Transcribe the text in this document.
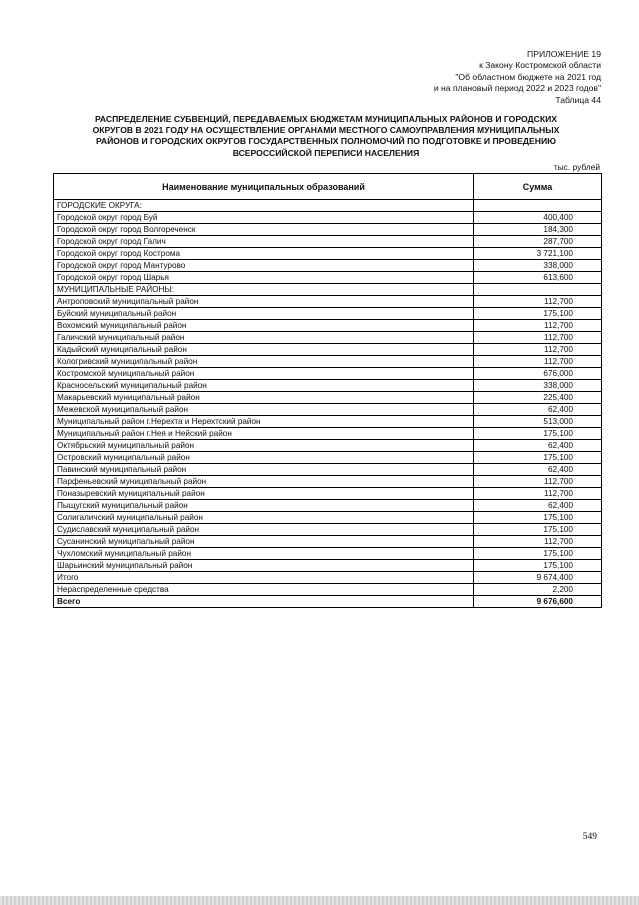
ПРИЛОЖЕНИЕ 19
к Закону Костромской области
"Об областном бюджете на 2021 год
и на плановый период 2022 и 2023 годов"
Таблица 44
РАСПРЕДЕЛЕНИЕ СУБВЕНЦИЙ, ПЕРЕДАВАЕМЫХ БЮДЖЕТАМ МУНИЦИПАЛЬНЫХ РАЙОНОВ И ГОРОДСКИХ
ОКРУГОВ В 2021 ГОДУ НА ОСУЩЕСТВЛЕНИЕ ОРГАНАМИ МЕСТНОГО САМОУПРАВЛЕНИЯ МУНИЦИПАЛЬНЫХ
РАЙОНОВ И ГОРОДСКИХ ОКРУГОВ ГОСУДАРСТВЕННЫХ ПОЛНОМОЧИЙ ПО ПОДГОТОВКЕ И ПРОВЕДЕНИЮ
ВСЕРОССИЙСКОЙ ПЕРЕПИСИ НАСЕЛЕНИЯ
тыс. рублей
Наименование муниципальных образований	Сумма
ГОРОДСКИЕ ОКРУГА:	
Городской округ город Буй	400,400
Городской округ город Волгореченск	184,300
Городской округ город Галич	287,700
Городской округ город Кострома	3 721,100
Городской округ город Мантурово	338,000
Городской округ город Шарья	613,600
МУНИЦИПАЛЬНЫЕ РАЙОНЫ:	
Антроповский муниципальный район	112,700
Буйский муниципальный район	175,100
Вохомский муниципальный район	112,700
Галичский муниципальный район	112,700
Кадыйский муниципальный район	112,700
Кологривский муниципальный район	112,700
Костромской муниципальный район	676,000
Красносельский муниципальный район	338,000
Макарьевский муниципальный район	225,400
Межевской муниципальный район	62,400
Муниципальный район г.Нерехта и Нерехтский район	513,000
Муниципальный район г.Нея и Нейский район	175,100
Октябрьский муниципальный район	62,400
Островский муниципальный район	175,100
Павинский муниципальный район	62,400
Парфеньевский муниципальный район	112,700
Поназыревский муниципальный район	112,700
Пыщугский муниципальный район	62,400
Солигаличский муниципальный район	175,100
Судиславский муниципальный район	175,100
Сусанинский муниципальный район	112,700
Чухломский муниципальный район	175,100
Шарьинский муниципальный район	175,100
Итого	9 674,400
Нераспределенные средства	2,200
Всего	9 676,600
549
